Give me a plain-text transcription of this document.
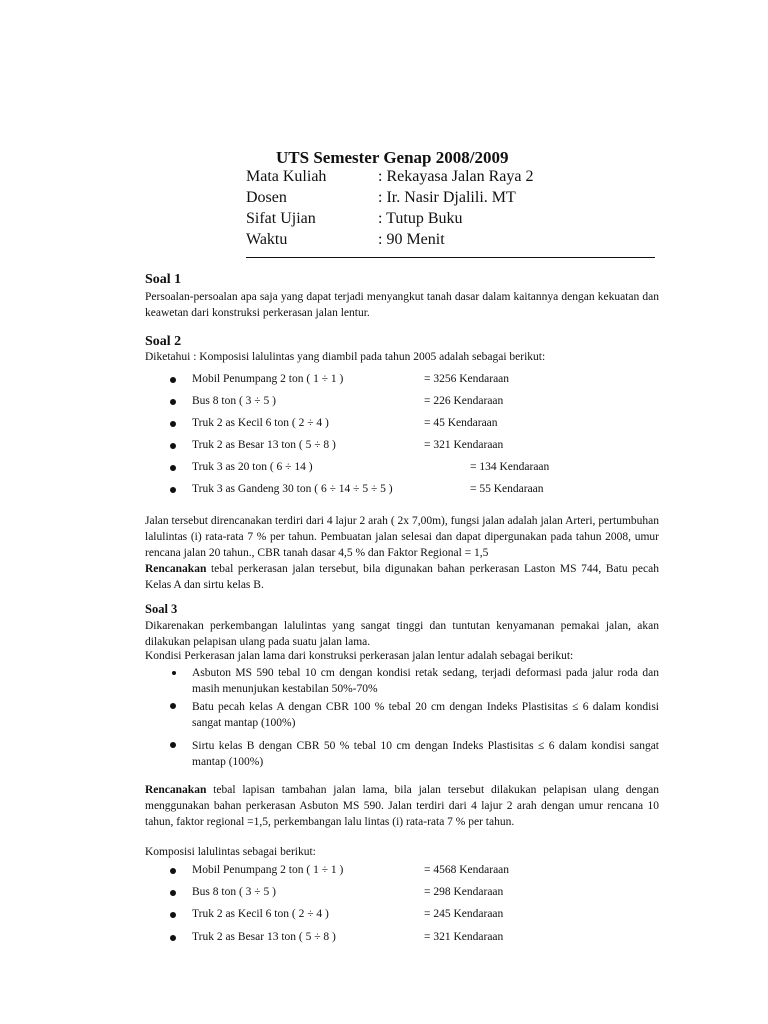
UTS Semester Genap 2008/2009
Mata Kuliah	: Rekayasa Jalan Raya 2
Dosen	: Ir. Nasir Djalili. MT
Sifat Ujian	: Tutup Buku
Waktu	: 90 Menit
Soal 1
Persoalan-persoalan apa saja yang dapat terjadi menyangkut tanah dasar dalam kaitannya dengan kekuatan dan keawetan dari konstruksi perkerasan jalan lentur.
Soal 2
Diketahui : Komposisi lalulintas yang diambil pada tahun 2005 adalah sebagai berikut:
Mobil Penumpang 2 ton ( 1 ÷ 1 )	= 3256 Kendaraan
Bus 8 ton ( 3 ÷ 5 )	= 226 Kendaraan
Truk 2 as Kecil 6 ton ( 2 ÷ 4 )	= 45 Kendaraan
Truk 2 as Besar 13 ton ( 5 ÷ 8 )	= 321 Kendaraan
Truk 3 as 20 ton ( 6 ÷ 14 )	= 134 Kendaraan
Truk 3 as Gandeng 30 ton ( 6 ÷ 14 ÷ 5 ÷ 5 )	= 55 Kendaraan
Jalan tersebut direncanakan terdiri dari 4 lajur 2 arah ( 2x 7,00m), fungsi jalan adalah jalan Arteri, pertumbuhan lalulintas (i) rata-rata 7 % per tahun. Pembuatan jalan selesai dan dapat dipergunakan pada tahun 2008, umur rencana jalan 20 tahun., CBR tanah dasar 4,5 % dan Faktor Regional = 1,5
Rencanakan tebal perkerasan jalan tersebut, bila digunakan bahan perkerasan Laston MS 744, Batu pecah Kelas A dan sirtu kelas B.
Soal 3
Dikarenakan perkembangan lalulintas yang sangat tinggi dan tuntutan kenyamanan pemakai jalan, akan dilakukan pelapisan ulang pada suatu jalan lama.
Kondisi Perkerasan jalan lama dari konstruksi perkerasan jalan lentur adalah sebagai berikut:
Asbuton MS 590 tebal 10 cm dengan kondisi retak sedang, terjadi deformasi pada jalur roda dan masih menunjukan kestabilan 50%-70%
Batu pecah kelas A dengan CBR 100 % tebal 20 cm dengan Indeks Plastisitas ≤ 6 dalam kondisi sangat mantap (100%)
Sirtu kelas B dengan CBR 50 % tebal 10 cm dengan Indeks Plastisitas ≤ 6 dalam kondisi sangat mantap (100%)
Rencanakan tebal lapisan tambahan jalan lama, bila jalan tersebut dilakukan pelapisan ulang dengan menggunakan bahan perkerasan Asbuton MS 590. Jalan terdiri dari 4 lajur 2 arah dengan umur rencana 10 tahun, faktor regional =1,5, perkembangan lalu lintas (i) rata-rata 7 % per tahun.
Komposisi lalulintas sebagai berikut:
Mobil Penumpang 2 ton ( 1 ÷ 1 )	= 4568 Kendaraan
Bus 8 ton ( 3 ÷ 5 )	= 298 Kendaraan
Truk 2 as Kecil 6 ton ( 2 ÷ 4 )	= 245 Kendaraan
Truk 2 as Besar 13 ton ( 5 ÷ 8 )	= 321 Kendaraan
